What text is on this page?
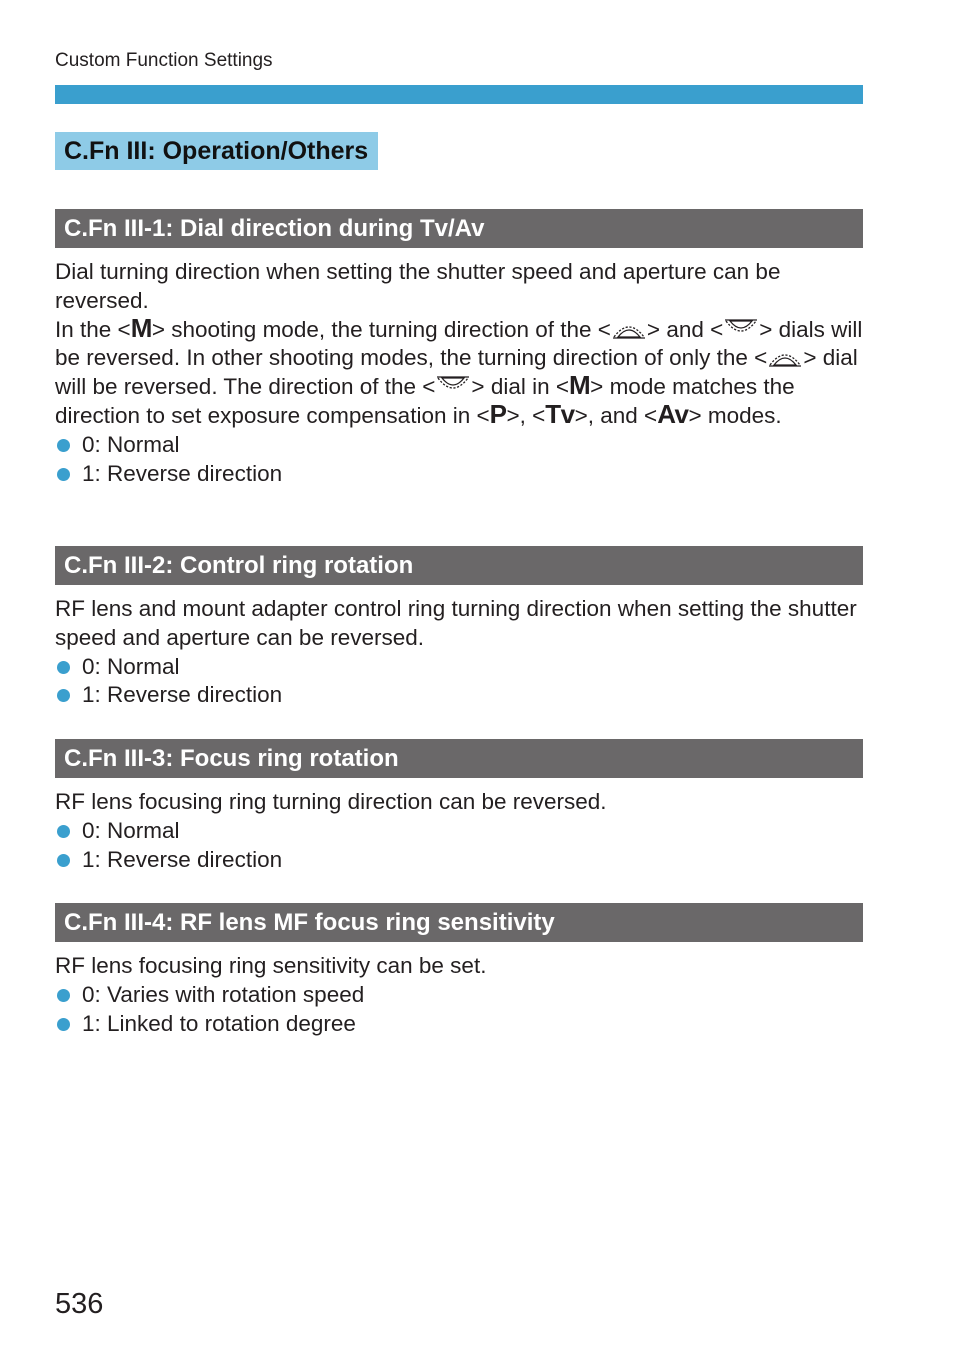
Custom Function Settings
C.Fn III: Operation/Others
C.Fn III-1: Dial direction during Tv/Av

Dial turning direction when setting the shutter speed and aperture can be reversed.

In the <M> shooting mode, the turning direction of the < > and < > dials will be reversed. In other shooting modes, the turning direction of only the < > dial will be reversed. The direction of the < > dial in <M> mode matches the direction to set exposure compensation in <P>, <Tv>, and <Av> modes.

0: Normal
1: Reverse direction
C.Fn III-2: Control ring rotation

RF lens and mount adapter control ring turning direction when setting the shutter speed and aperture can be reversed.

0: Normal
1: Reverse direction
C.Fn III-3: Focus ring rotation

RF lens focusing ring turning direction can be reversed.

0: Normal
1: Reverse direction
C.Fn III-4: RF lens MF focus ring sensitivity

RF lens focusing ring sensitivity can be set.

0: Varies with rotation speed
1: Linked to rotation degree
536
